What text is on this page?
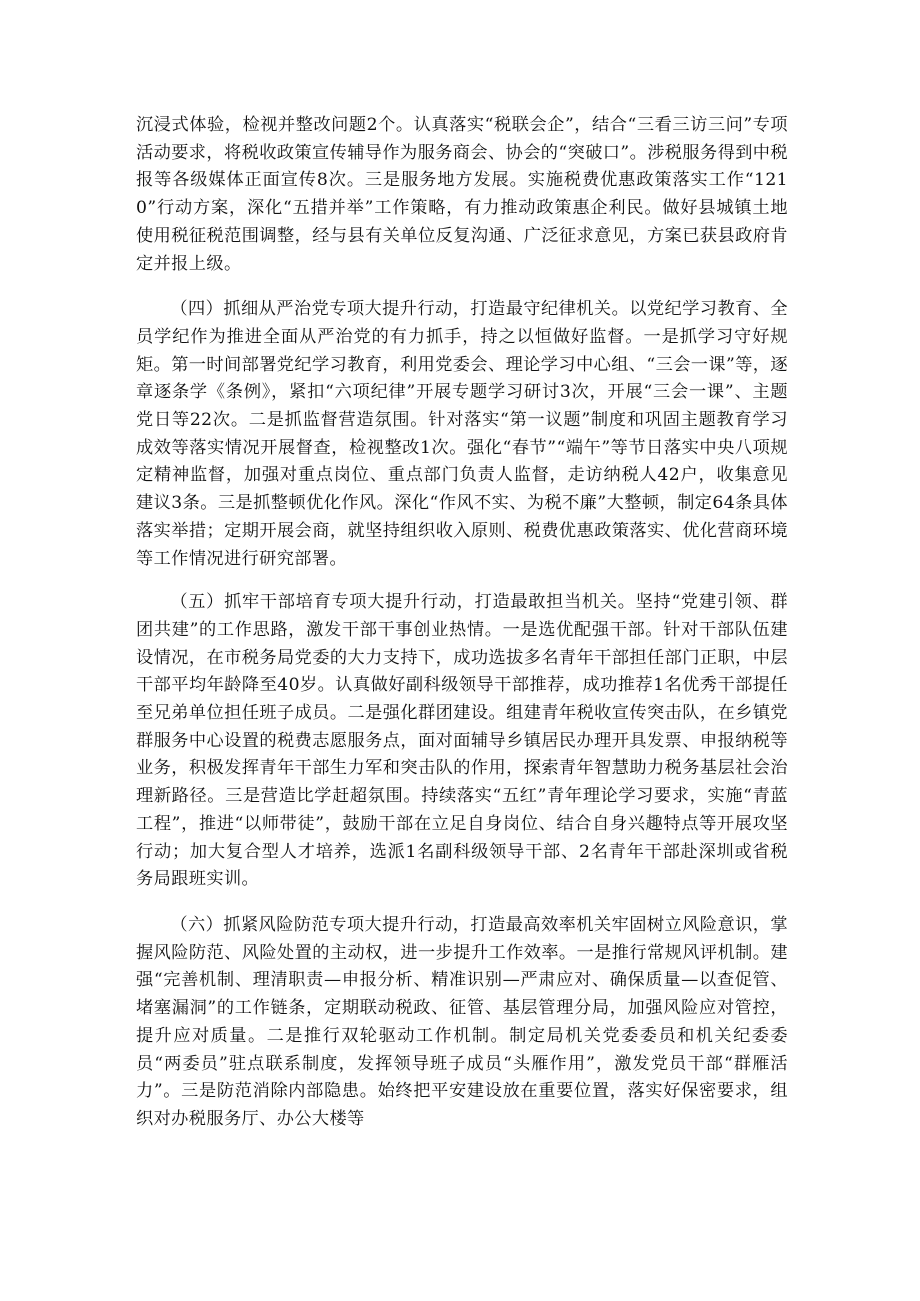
沉浸式体验，检视并整改问题2个。认真落实“税联会企”，结合“三看三访三问”专项活动要求，将税收政策宣传辅导作为服务商会、协会的“突破口”。涉税服务得到中税报等各级媒体正面宣传8次。三是服务地方发展。实施税费优惠政策落实工作“1210”行动方案，深化“五措并举”工作策略，有力推动政策惠企利民。做好县城镇土地使用税征税范围调整，经与县有关单位反复沟通、广泛征求意见，方案已获县政府肯定并报上级。

（四）抓细从严治党专项大提升行动，打造最守纪律机关。以党纪学习教育、全员学纪作为推进全面从严治党的有力抓手，持之以恒做好监督。一是抓学习守好规矩。第一时间部署党纪学习教育，利用党委会、理论学习中心组、“三会一课”等，逐章逐条学《条例》，紧扣“六项纪律”开展专题学习研讨3次，开展“三会一课”、主题党日等22次。二是抓监督营造氛围。针对落实“第一议题”制度和巩固主题教育学习成效等落实情况开展督查，检视整改1次。强化“春节”“端午”等节日落实中央八项规定精神监督，加强对重点岗位、重点部门负责人监督，走访纳税人42户，收集意见建议3条。三是抓整顿优化作风。深化“作风不实、为税不廉”大整顿，制定64条具体落实举措；定期开展会商，就坚持组织收入原则、税费优惠政策落实、优化营商环境等工作情况进行研究部署。

（五）抓牢干部培育专项大提升行动，打造最敢担当机关。坚持“党建引领、群团共建”的工作思路，激发干部干事创业热情。一是选优配强干部。针对干部队伍建设情况，在市税务局党委的大力支持下，成功选拔多名青年干部担任部门正职，中层干部平均年龄降至40岁。认真做好副科级领导干部推荐，成功推荐1名优秀干部提任至兄弟单位担任班子成员。二是强化群团建设。组建青年税收宣传突击队，在乡镇党群服务中心设置的税费志愿服务点，面对面辅导乡镇居民办理开具发票、申报纳税等业务，积极发挥青年干部生力军和突击队的作用，探索青年智慧助力税务基层社会治理新路径。三是营造比学赶超氛围。持续落实“五红”青年理论学习要求，实施“青蓝工程”，推进“以师带徒”，鼓励干部在立足自身岗位、结合自身兴趣特点等开展攻坚行动；加大复合型人才培养，选派1名副科级领导干部、2名青年干部赴深圳或省税务局跟班实训。

（六）抓紧风险防范专项大提升行动，打造最高效率机关牢固树立风险意识，掌握风险防范、风险处置的主动权，进一步提升工作效率。一是推行常规风评机制。建强“完善机制、理清职责—申报分析、精准识别—严肃应对、确保质量—以查促管、堵塞漏洞”的工作链条，定期联动税政、征管、基层管理分局，加强风险应对管控，提升应对质量。二是推行双轮驱动工作机制。制定局机关党委委员和机关纪委委员“两委员”驻点联系制度，发挥领导班子成员“头雁作用”，激发党员干部“群雁活力”。三是防范消除内部隐患。始终把平安建设放在重要位置，落实好保密要求，组织对办税服务厅、办公大楼等
